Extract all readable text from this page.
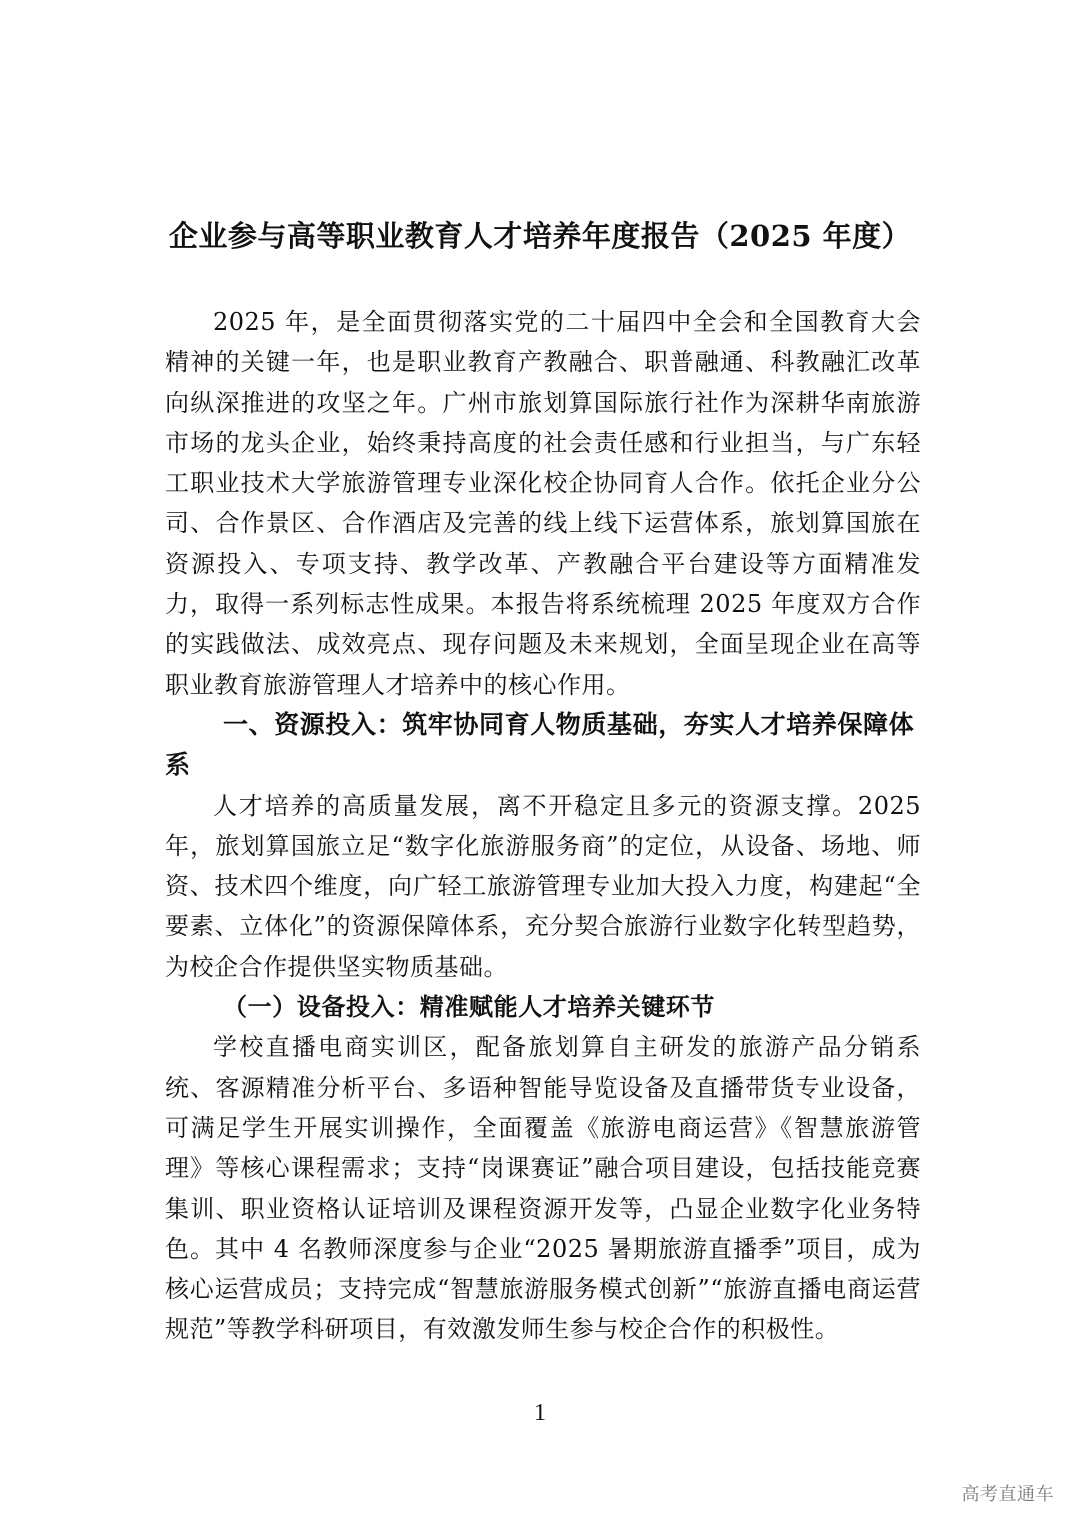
企业参与高等职业教育人才培养年度报告（2025 年度）

2025 年，是全面贯彻落实党的二十届四中全会和全国教育大会精神的关键一年，也是职业教育产教融合、职普融通、科教融汇改革向纵深推进的攻坚之年。广州市旅划算国际旅行社作为深耕华南旅游市场的龙头企业，始终秉持高度的社会责任感和行业担当，与广东轻工职业技术大学旅游管理专业深化校企协同育人合作。依托企业分公司、合作景区、合作酒店及完善的线上线下运营体系，旅划算国旅在资源投入、专项支持、教学改革、产教融合平台建设等方面精准发力，取得一系列标志性成果。本报告将系统梳理 2025 年度双方合作的实践做法、成效亮点、现存问题及未来规划，全面呈现企业在高等职业教育旅游管理人才培养中的核心作用。

一、资源投入：筑牢协同育人物质基础，夯实人才培养保障体系

人才培养的高质量发展，离不开稳定且多元的资源支撑。2025 年，旅划算国旅立足“数字化旅游服务商”的定位，从设备、场地、师资、技术四个维度，向广轻工旅游管理专业加大投入力度，构建起“全要素、立体化”的资源保障体系，充分契合旅游行业数字化转型趋势，为校企合作提供坚实物质基础。

（一）设备投入：精准赋能人才培养关键环节

学校直播电商实训区，配备旅划算自主研发的旅游产品分销系统、客源精准分析平台、多语种智能导览设备及直播带货专业设备，可满足学生开展实训操作，全面覆盖《旅游电商运营》《智慧旅游管理》等核心课程需求；支持“岗课赛证”融合项目建设，包括技能竞赛集训、职业资格认证培训及课程资源开发等，凸显企业数字化业务特色。其中 4 名教师深度参与企业“2025 暑期旅游直播季”项目，成为核心运营成员；支持完成“智慧旅游服务模式创新”“旅游直播电商运营规范”等教学科研项目，有效激发师生参与校企合作的积极性。

1

高考直通车
